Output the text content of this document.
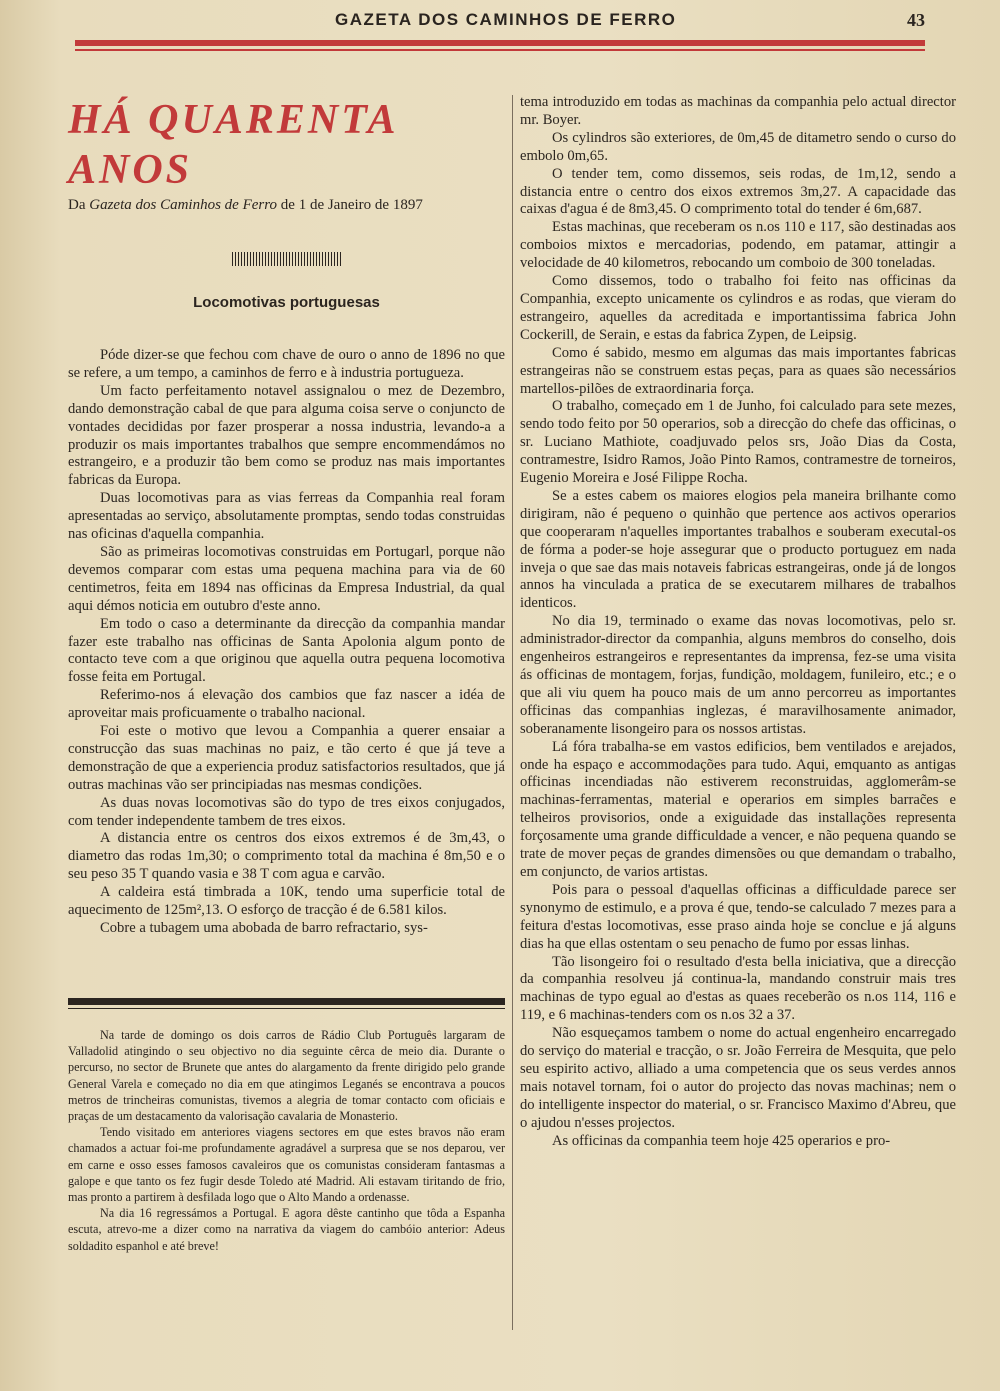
GAZETA DOS CAMINHOS DE FERRO	43
HÁ QUARENTA ANOS
Da Gazeta dos Caminhos de Ferro de 1 de Janeiro de 1897
Locomotivas portuguesas

Póde dizer-se que fechou com chave de ouro o anno de 1896 no que se refere, a um tempo, a caminhos de ferro e à industria portugueza.

Um facto perfeitamento notavel assignalou o mez de Dezembro, dando demonstração cabal de que para alguma coisa serve o conjuncto de vontades decididas por fazer prosperar a nossa industria, levando-a a produzir os mais importantes trabalhos que sempre encommendámos no estrangeiro, e a produzir tão bem como se produz nas mais importantes fabricas da Europa.

Duas locomotivas para as vias ferreas da Companhia real foram apresentadas ao serviço, absolutamente promptas, sendo todas construidas nas oficinas d'aquella companhia.

São as primeiras locomotivas construidas em Portugarl, porque não devemos comparar com estas uma pequena machina para via de 60 centimetros, feita em 1894 nas officinas da Empresa Industrial, da qual aqui démos noticia em outubro d'este anno.

Em todo o caso a determinante da direcção da companhia mandar fazer este trabalho nas officinas de Santa Apolonia algum ponto de contacto teve com a que originou que aquella outra pequena locomotiva fosse feita em Portugal.

Referimo-nos á elevação dos cambios que faz nascer a idéa de aproveitar mais proficuamente o trabalho nacional.

Foi este o motivo que levou a Companhia a querer ensaiar a construcção das suas machinas no paiz, e tão certo é que já teve a demonstração de que a experiencia produz satisfactorios resultados, que já outras machinas vão ser principiadas nas mesmas condições.

As duas novas locomotivas são do typo de tres eixos conjugados, com tender independente tambem de tres eixos.

A distancia entre os centros dos eixos extremos é de 3m,43, o diametro das rodas 1m,30; o comprimento total da machina é 8m,50 e o seu peso 35 T quando vasia e 38 T com agua e carvão.

A caldeira está timbrada a 10K, tendo uma superficie total de aquecimento de 125m²,13. O esforço de tracção é de 6.581 kilos.

Cobre a tubagem uma abobada de barro refractario, sys-

Na tarde de domingo os dois carros de Rádio Club Português largaram de Valladolid atingindo o seu objectivo no dia seguinte cêrca de meio dia. Durante o percurso, no sector de Brunete que antes do alargamento da frente dirigido pelo grande General Varela e começado no dia em que atingimos Leganés se encontrava a poucos metros de trincheiras comunistas, tivemos a alegria de tomar contacto com oficiais e praças de um destacamento da valorisação cavalaria de Monasterio.

Tendo visitado em anteriores viagens sectores em que estes bravos não eram chamados a actuar foi-me profundamente agradável a surpresa que se nos deparou, ver em carne e osso esses famosos cavaleiros que os comunistas consideram fantasmas a galope e que tanto os fez fugir desde Toledo até Madrid. Ali estavam tiritando de frio, mas pronto a partirem à desfilada logo que o Alto Mando a ordenasse.

Na dia 16 regressámos a Portugal. E agora dêste cantinho que tôda a Espanha escuta, atrevo-me a dizer como na narrativa da viagem do cambóio anterior: Adeus soldadito espanhol e até breve!

tema introduzido em todas as machinas da companhia pelo actual director mr. Boyer.

Os cylindros são exteriores, de 0m,45 de ditametro sendo o curso do embolo 0m,65.

O tender tem, como dissemos, seis rodas, de 1m,12, sendo a distancia entre o centro dos eixos extremos 3m,27. A capacidade das caixas d'agua é de 8m3,45. O comprimento total do tender é 6m,687.

Estas machinas, que receberam os n.os 110 e 117, são destinadas aos comboios mixtos e mercadorias, podendo, em patamar, attingir a velocidade de 40 kilometros, rebocando um comboio de 300 toneladas.

Como dissemos, todo o trabalho foi feito nas officinas da Companhia, excepto unicamente os cylindros e as rodas, que vieram do estrangeiro, aquelles da acreditada e importantissima fabrica John Cockerill, de Serain, e estas da fabrica Zypen, de Leipsig.

Como é sabido, mesmo em algumas das mais importantes fabricas estrangeiras não se construem estas peças, para as quaes são necessários martellos-pilões de extraordinaria força.

O trabalho, começado em 1 de Junho, foi calculado para sete mezes, sendo todo feito por 50 operarios, sob a direcção do chefe das officinas, o sr. Luciano Mathiote, coadjuvado pelos srs, João Dias da Costa, contramestre, Isidro Ramos, João Pinto Ramos, contramestre de torneiros, Eugenio Moreira e José Filippe Rocha.

Se a estes cabem os maiores elogios pela maneira brilhante como dirigiram, não é pequeno o quinhão que pertence aos activos operarios que cooperaram n'aquelles importantes trabalhos e souberam executal-os de fórma a poder-se hoje assegurar que o producto portuguez em nada inveja o que sae das mais notaveis fabricas estrangeiras, onde já de longos annos ha vinculada a pratica de se executarem milhares de trabalhos identicos.

No dia 19, terminado o exame das novas locomotivas, pelo sr. administrador-director da companhia, alguns membros do conselho, dois engenheiros estrangeiros e representantes da imprensa, fez-se uma visita ás officinas de montagem, forjas, fundição, moldagem, funileiro, etc.; e o que ali viu quem ha pouco mais de um anno percorreu as importantes officinas das companhias inglezas, é maravilhosamente animador, soberanamente lisongeiro para os nossos artistas.

Lá fóra trabalha-se em vastos edificios, bem ventilados e arejados, onde ha espaço e accommodações para tudo. Aqui, emquanto as antigas officinas incendiadas não estiverem reconstruidas, agglomerâm-se machinas-ferramentas, material e operarios em simples barrac̃es e telheiros provisorios, onde a exiguidade das installações representa forçosamente uma grande difficuldade a vencer, e não pequena quando se trate de mover peças de grandes dimensões ou que demandam o trabalho, em conjuncto, de varios artistas.

Pois para o pessoal d'aquellas officinas a difficuldade parece ser synonymo de estimulo, e a prova é que, tendo-se calculado 7 mezes para a feitura d'estas locomotivas, esse praso ainda hoje se conclue e já alguns dias ha que ellas ostentam o seu penacho de fumo por essas linhas.

Tão lisongeiro foi o resultado d'esta bella iniciativa, que a direcção da companhia resolveu já continua-la, mandando construir mais tres machinas de typo egual ao d'estas as quaes receberão os n.os 114, 116 e 119, e 6 machinas-tenders com os n.os 32 a 37.

Não esqueçamos tambem o nome do actual engenheiro encarregado do serviço do material e tracção, o sr. João Ferreira de Mesquita, que pelo seu espirito activo, alliado a uma competencia que os seus verdes annos mais notavel tornam, foi o autor do projecto das novas machinas; nem o do intelligente inspector do material, o sr. Francisco Maximo d'Abreu, que o ajudou n'esses projectos.

As officinas da companhia teem hoje 425 operarios e pro-
